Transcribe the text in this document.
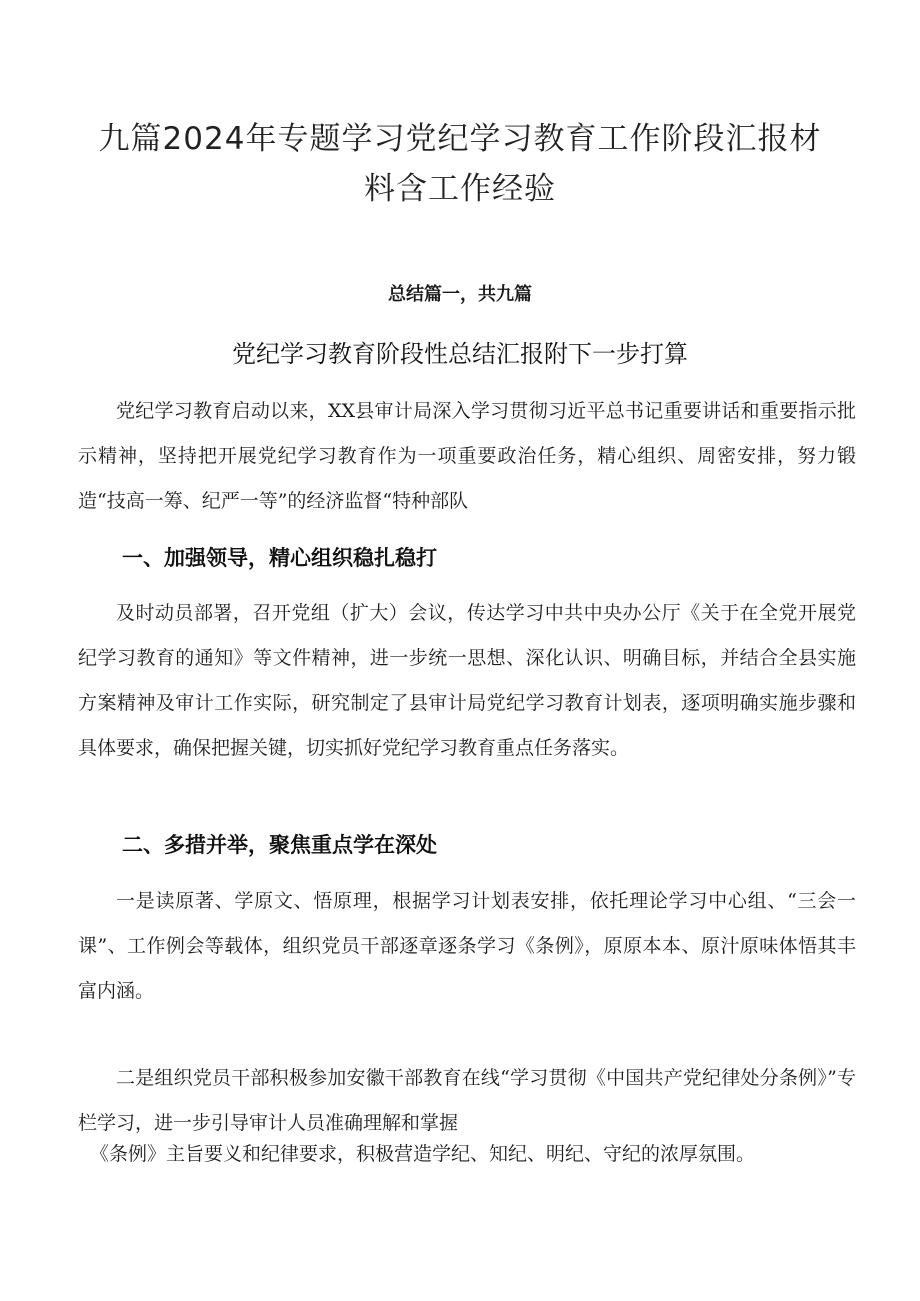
九篇2024年专题学习党纪学习教育工作阶段汇报材
料含工作经验
总结篇一，共九篇
党纪学习教育阶段性总结汇报附下一步打算

党纪学习教育启动以来，XX县审计局深入学习贯彻习近平总书记重要讲话和重要指示批示精神，坚持把开展党纪学习教育作为一项重要政治任务，精心组织、周密安排，努力锻造“技高一筹、纪严一等”的经济监督“特种部队

一、加强领导，精心组织稳扎稳打

及时动员部署，召开党组（扩大）会议，传达学习中共中央办公厅《关于在全党开展党纪学习教育的通知》等文件精神，进一步统一思想、深化认识、明确目标，并结合全县实施方案精神及审计工作实际，研究制定了县审计局党纪学习教育计划表，逐项明确实施步骤和具体要求，确保把握关键，切实抓好党纪学习教育重点任务落实。

二、多措并举，聚焦重点学在深处

一是读原著、学原文、悟原理，根据学习计划表安排，依托理论学习中心组、“三会一课”、工作例会等载体，组织党员干部逐章逐条学习《条例》，原原本本、原汁原味体悟其丰富内涵。

二是组织党员干部积极参加安徽干部教育在线“学习贯彻《中国共产党纪律处分条例》”专栏学习，进一步引导审计人员准确理解和掌握

《条例》主旨要义和纪律要求，积极营造学纪、知纪、明纪、守纪的浓厚氛围。
